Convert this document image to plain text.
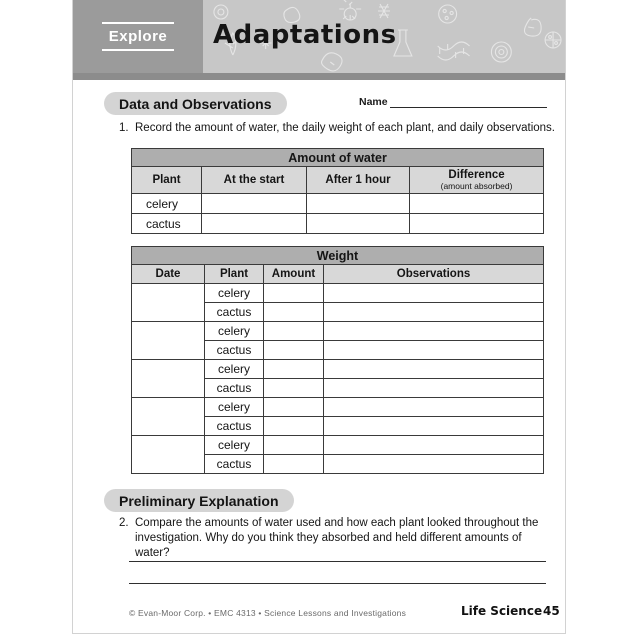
Explore Adaptations
Data and Observations	Name
1. Record the amount of water, the daily weight of each plant, and daily observations.
Amount of water			
Plant	At the start	After 1 hour	Difference
(amount absorbed)

celery			
cactus			
Weight			
Date	Plant	Amount	Observations
	celery		
	cactus		
	celery		
	cactus		
	celery		
	cactus		
	celery		
	cactus		
	celery		
	cactus		
Preliminary Explanation
2. Compare the amounts of water used and how each plant looked throughout the investigation. Why do you think they absorbed and held different amounts of water?
© Evan-Moor Corp. • EMC 4313 • Science Lessons and Investigations	Life Science 45
